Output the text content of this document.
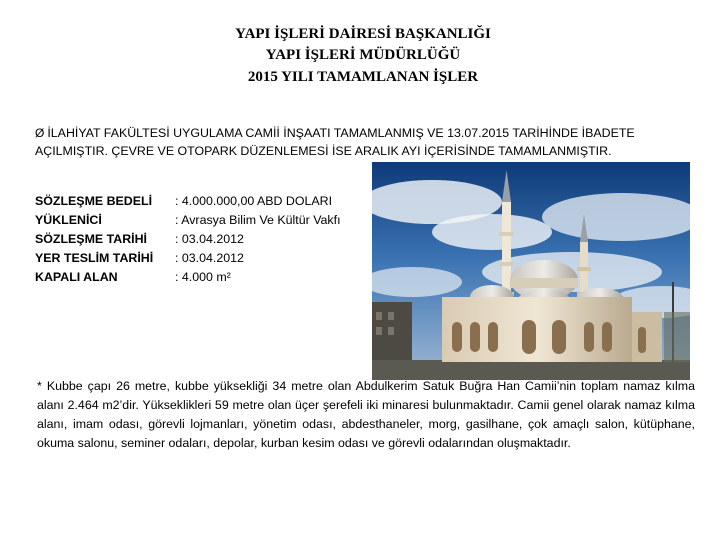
YAPI İŞLERİ DAİRESİ BAŞKANLIĞI
YAPI İŞLERİ MÜDÜRLÜĞÜ
2015 YILI TAMAMLANAN İŞLER
Ø İLAHİYAT FAKÜLTESİ UYGULAMA CAMİİ İNŞAATI TAMAMLANMIŞ VE 13.07.2015 TARİHİNDE İBADETE AÇILMIŞTIR. ÇEVRE VE OTOPARK DÜZENLEMESİ İSE ARALIK AYI İÇERİSİNDE TAMAMLANMIŞTIR.
SÖZLEŞME BEDELİ	: 4.000.000,00 ABD DOLARI
YÜKLENİCİ	: Avrasya Bilim Ve Kültür Vakfı
SÖZLEŞME TARİHİ	: 03.04.2012
YER TESLİM TARİHİ	: 03.04.2012
KAPALI ALAN	: 4.000 m²
* Kubbe çapı 26 metre, kubbe yüksekliği 34 metre olan Abdulkerim Satuk Buğra Han Camii’nin toplam namaz kılma alanı 2.464 m2’dir. Yükseklikleri 59 metre olan üçer şerefeli iki minaresi bulunmaktadır. Camii genel olarak namaz kılma alanı, imam odası, görevli lojmanları, yönetim odası, abdesthaneler, morg, gasilhane, çok amaçlı salon, kütüphane, okuma salonu, seminer odaları, depolar, kurban kesim odası ve görevli odalarından oluşmaktadır.
